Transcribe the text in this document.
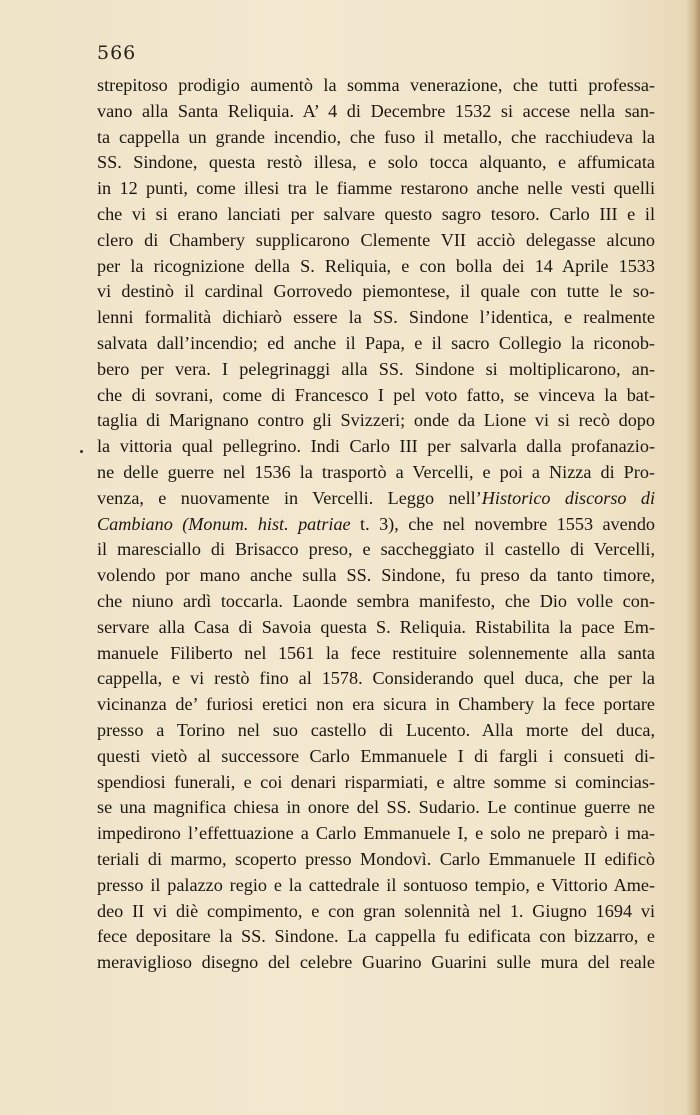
566
strepitoso prodigio aumentò la somma venerazione, che tutti professa-
vano alla Santa Reliquia. A’ 4 di Decembre 1532 si accese nella san-
ta cappella un grande incendio, che fuso il metallo, che racchiudeva la
SS. Sindone, questa restò illesa, e solo tocca alquanto, e affumicata
in 12 punti, come illesi tra le fiamme restarono anche nelle vesti quelli
che vi si erano lanciati per salvare questo sagro tesoro. Carlo III e il
clero di Chambery supplicarono Clemente VII acciò delegasse alcuno
per la ricognizione della S. Reliquia, e con bolla dei 14 Aprile 1533
vi destinò il cardinal Gorrovedo piemontese, il quale con tutte le so-
lenni formalità dichiarò essere la SS. Sindone l’identica, e realmente
salvata dall’incendio; ed anche il Papa, e il sacro Collegio la riconob-
bero per vera. I pelegrinaggi alla SS. Sindone si moltiplicarono, an-
che di sovrani, come di Francesco I pel voto fatto, se vinceva la bat-
taglia di Marignano contro gli Svizzeri; onde da Lione vi si recò dopo
la vittoria qual pellegrino. Indi Carlo III per salvarla dalla profanazio-
ne delle guerre nel 1536 la trasportò a Vercelli, e poi a Nizza di Pro-
venza, e nuovamente in Vercelli. Leggo nell’Historico discorso di
Cambiano (Monum. hist. patriae t. 3), che nel novembre 1553 avendo
il maresciallo di Brisacco preso, e saccheggiato il castello di Vercelli,
volendo por mano anche sulla SS. Sindone, fu preso da tanto timore,
che niuno ardì toccarla. Laonde sembra manifesto, che Dio volle con-
servare alla Casa di Savoia questa S. Reliquia. Ristabilita la pace Em-
manuele Filiberto nel 1561 la fece restituire solennemente alla santa
cappella, e vi restò fino al 1578. Considerando quel duca, che per la
vicinanza de’ furiosi eretici non era sicura in Chambery la fece portare
presso a Torino nel suo castello di Lucento. Alla morte del duca,
questi vietò al successore Carlo Emmanuele I di fargli i consueti di-
spendiosi funerali, e coi denari risparmiati, e altre somme si comincias-
se una magnifica chiesa in onore del SS. Sudario. Le continue guerre ne
impedirono l’effettuazione a Carlo Emmanuele I, e solo ne preparò i ma-
teriali di marmo, scoperto presso Mondovì. Carlo Emmanuele II edificò
presso il palazzo regio e la cattedrale il sontuoso tempio, e Vittorio Ame-
deo II vi diè compimento, e con gran solennità nel 1. Giugno 1694 vi
fece depositare la SS. Sindone. La cappella fu edificata con bizzarro, e
meraviglioso disegno del celebre Guarino Guarini sulle mura del reale
